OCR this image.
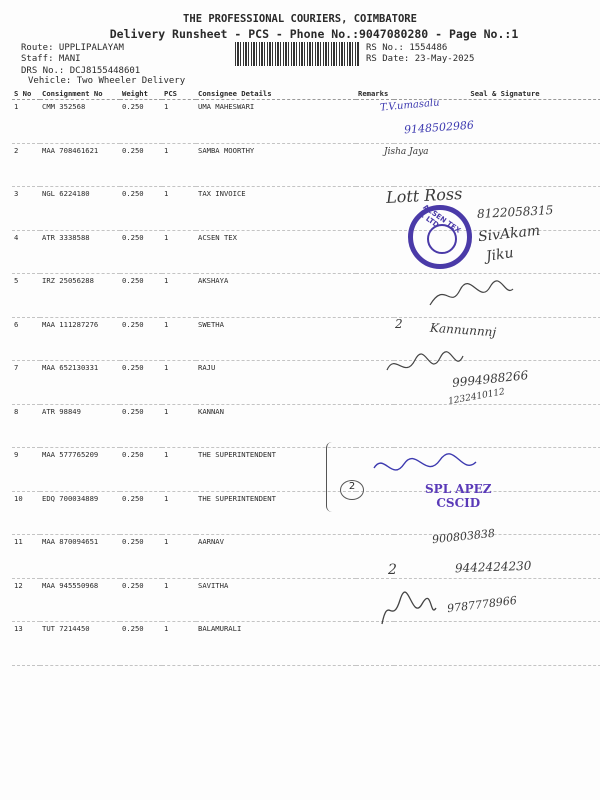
THE PROFESSIONAL COURIERS, COIMBATORE
Delivery Runsheet - PCS - Phone No.:9047080280 - Page No.:1
Route: UPPLIPALAYAM
Staff: MANI
DRS No.: DCJ8155448601
Vehicle: Two Wheeler Delivery
RS No.: 1554486
RS Date: 23-May-2025
S No	Consignment No	Weight	PCS	Consignee Details	Remarks	Seal & Signature
1	CMM 352568	0.250	1	UMA MAHESWARI		
2	MAA 708461621	0.250	1	SAMBA MOORTHY		
3	NGL 6224180	0.250	1	TAX INVOICE		
4	ATR 3338588	0.250	1	ACSEN TEX		
5	IRZ 25056288	0.250	1	AKSHAYA		
6	MAA 111287276	0.250	1	SWETHA		
7	MAA 652130331	0.250	1	RAJU		
8	ATR 98849	0.250	1	KANNAN		
9	MAA 577765209	0.250	1	THE SUPERINTENDENT		
10	EDQ 700034889	0.250	1	THE SUPERINTENDENT		
11	MAA 870094651	0.250	1	AARNAV		
12	MAA 945550968	0.250	1	SAVITHA		
13	TUT 7214450	0.250	1	BALAMURALI		
T.V.umasalu
9148502986
Jisha Jaya
Lott Ross
8122058315
SivAkam
Jiku
ACSEN TEX P. LTD
2 Kannunnnj
9994988266
1232410112
2	SPL APEZ
CSCID
900803838
2	9442424230
9787778966
